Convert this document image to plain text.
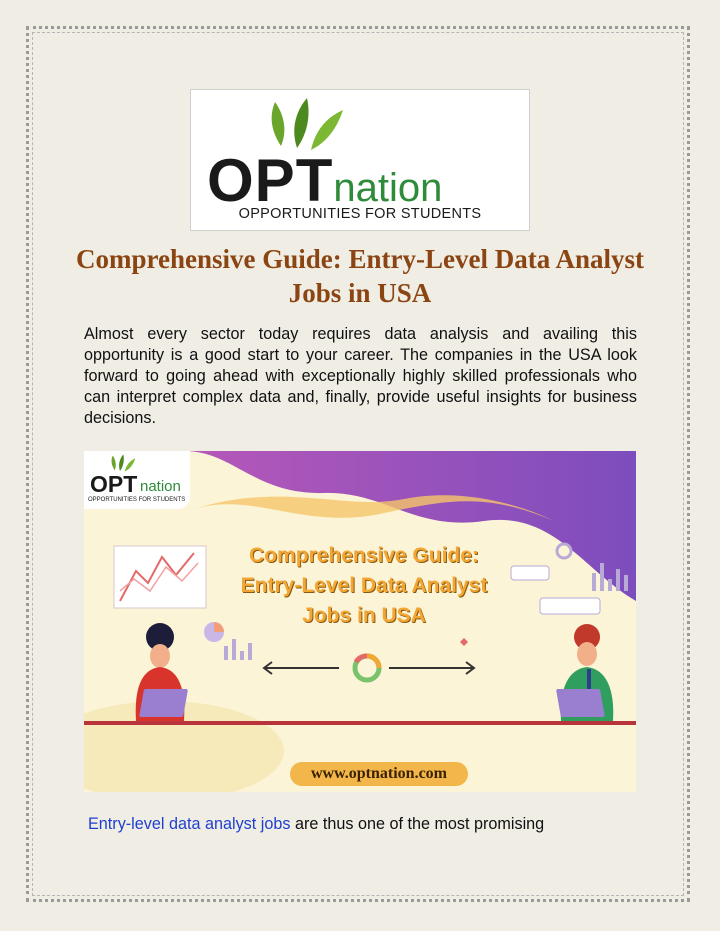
OPTnation
OPPORTUNITIES FOR STUDENTS
Comprehensive Guide: Entry-Level Data Analyst Jobs in USA
Almost every sector today requires data analysis and availing this opportunity is a good start to your career. The companies in the USA look forward to going ahead with exceptionally highly skilled professionals who can interpret complex data and, finally, provide useful insights for business decisions.
OPT nation
OPPORTUNITIES FOR STUDENTS
Comprehensive Guide:
Entry-Level Data Analyst
Jobs in USA
www.optnation.com
Entry-level data analyst jobs are thus one of the most promising
